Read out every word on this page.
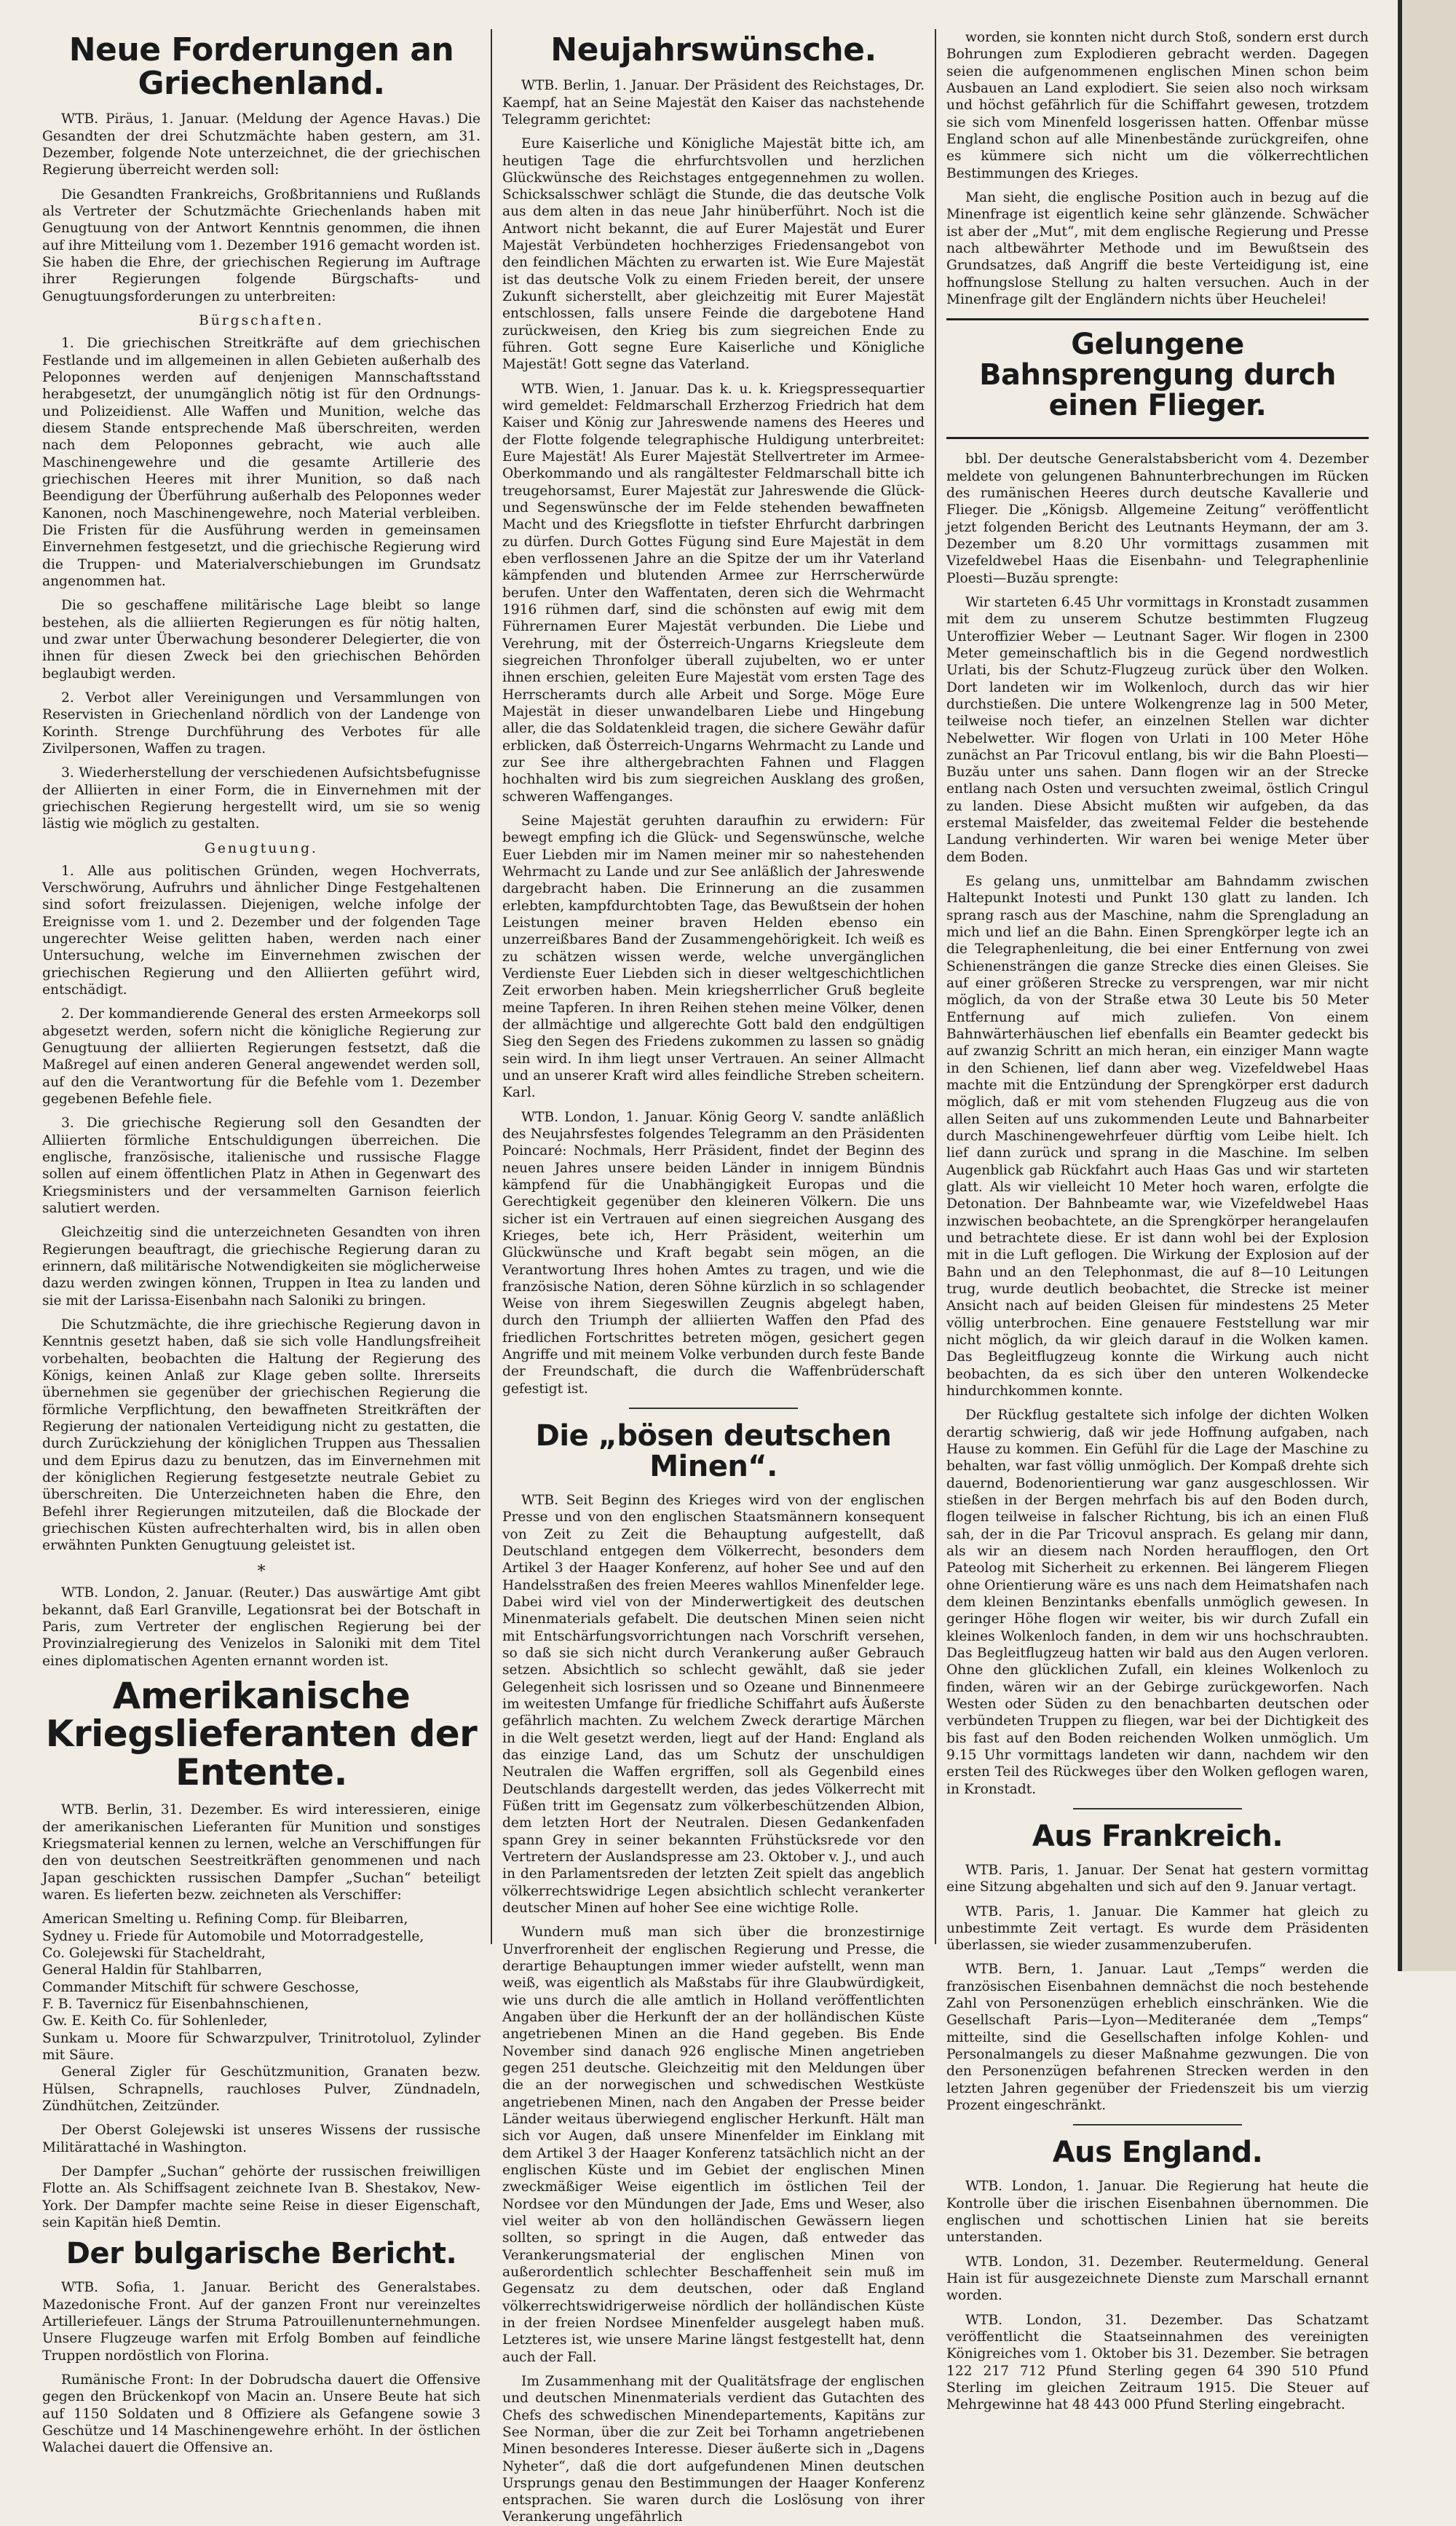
Neue Forderungen an Griechenland.

WTB. Piräus, 1. Januar. (Meldung der Agence Havas.) Die Gesandten der drei Schutzmächte haben gestern, am 31. Dezember, folgende Note unterzeichnet, die der griechischen Regierung überreicht werden soll:

Die Gesandten Frankreichs, Großbritanniens und Rußlands als Vertreter der Schutzmächte Griechenlands haben mit Genugtuung von der Antwort Kenntnis genommen, die ihnen auf ihre Mitteilung vom 1. Dezember 1916 gemacht worden ist. Sie haben die Ehre, der griechischen Regierung im Auftrage ihrer Regierungen folgende Bürgschafts- und Genugtuungsforderungen zu unterbreiten:

Bürgschaften.

1. Die griechischen Streitkräfte auf dem griechischen Festlande und im allgemeinen in allen Gebieten außerhalb des Peloponnes werden auf denjenigen Mannschaftsstand herabgesetzt, der unumgänglich nötig ist für den Ordnungs- und Polizeidienst. Alle Waffen und Munition, welche das diesem Stande entsprechende Maß überschreiten, werden nach dem Peloponnes gebracht, wie auch alle Maschinengewehre und die gesamte Artillerie des griechischen Heeres mit ihrer Munition, so daß nach Beendigung der Überführung außerhalb des Peloponnes weder Kanonen, noch Maschinengewehre, noch Material verbleiben. Die Fristen für die Ausführung werden in gemeinsamen Einvernehmen festgesetzt, und die griechische Regierung wird die Truppen- und Materialverschiebungen im Grundsatz angenommen hat.

Die so geschaffene militärische Lage bleibt so lange bestehen, als die alliierten Regierungen es für nötig halten, und zwar unter Überwachung besonderer Delegierter, die von ihnen für diesen Zweck bei den griechischen Behörden beglaubigt werden.

2. Verbot aller Vereinigungen und Versammlungen von Reservisten in Griechenland nördlich von der Landenge von Korinth. Strenge Durchführung des Verbotes für alle Zivilpersonen, Waffen zu tragen.

3. Wiederherstellung der verschiedenen Aufsichtsbefugnisse der Alliierten in einer Form, die in Einvernehmen mit der griechischen Regierung hergestellt wird, um sie so wenig lästig wie möglich zu gestalten.

Genugtuung.

1. Alle aus politischen Gründen, wegen Hochverrats, Verschwörung, Aufruhrs und ähnlicher Dinge Festgehaltenen sind sofort freizulassen. Diejenigen, welche infolge der Ereignisse vom 1. und 2. Dezember und der folgenden Tage ungerechter Weise gelitten haben, werden nach einer Untersuchung, welche im Einvernehmen zwischen der griechischen Regierung und den Alliierten geführt wird, entschädigt.

2. Der kommandierende General des ersten Armeekorps soll abgesetzt werden, sofern nicht die königliche Regierung zur Genugtuung der alliierten Regierungen festsetzt, daß die Maßregel auf einen anderen General angewendet werden soll, auf den die Verantwortung für die Befehle vom 1. Dezember gegebenen Befehle fiele.

3. Die griechische Regierung soll den Gesandten der Alliierten förmliche Entschuldigungen überreichen. Die englische, französische, italienische und russische Flagge sollen auf einem öffentlichen Platz in Athen in Gegenwart des Kriegsministers und der versammelten Garnison feierlich salutiert werden.

Gleichzeitig sind die unterzeichneten Gesandten von ihren Regierungen beauftragt, die griechische Regierung daran zu erinnern, daß militärische Notwendigkeiten sie möglicherweise dazu werden zwingen können, Truppen in Itea zu landen und sie mit der Larissa-Eisenbahn nach Saloniki zu bringen.

Die Schutzmächte, die ihre griechische Regierung davon in Kenntnis gesetzt haben, daß sie sich volle Handlungsfreiheit vorbehalten, beobachten die Haltung der Regierung des Königs, keinen Anlaß zur Klage geben sollte. Ihrerseits übernehmen sie gegenüber der griechischen Regierung die förmliche Verpflichtung, den bewaffneten Streitkräften der Regierung der nationalen Verteidigung nicht zu gestatten, die durch Zurückziehung der königlichen Truppen aus Thessalien und dem Epirus dazu zu benutzen, das im Einvernehmen mit der königlichen Regierung festgesetzte neutrale Gebiet zu überschreiten. Die Unterzeichneten haben die Ehre, den Befehl ihrer Regierungen mitzuteilen, daß die Blockade der griechischen Küsten aufrechterhalten wird, bis in allen oben erwähnten Punkten Genugtuung geleistet ist.

*

WTB. London, 2. Januar. (Reuter.) Das auswärtige Amt gibt bekannt, daß Earl Granville, Legationsrat bei der Botschaft in Paris, zum Vertreter der englischen Regierung bei der Provinzialregierung des Venizelos in Saloniki mit dem Titel eines diplomatischen Agenten ernannt worden ist.

Amerikanische Kriegslieferanten der Entente.

WTB. Berlin, 31. Dezember. Es wird interessieren, einige der amerikanischen Lieferanten für Munition und sonstiges Kriegsmaterial kennen zu lernen, welche an Verschiffungen für den von deutschen Seestreitkräften genommenen und nach Japan geschickten russischen Dampfer „Suchan“ beteiligt waren. Es lieferten bezw. zeichneten als Verschiffer:

American Smelting u. Refining Comp. für Bleibarren,

Sydney u. Friede für Automobile und Motorradgestelle,

Co. Golejewski für Stacheldraht,

General Haldin für Stahlbarren,

Commander Mitschift für schwere Geschosse,

F. B. Tavernicz für Eisenbahnschienen,

Gw. E. Keith Co. für Sohlenleder,

Sunkam u. Moore für Schwarzpulver, Trinitrotoluol, Zylinder mit Säure.

General Zigler für Geschützmunition, Granaten bezw. Hülsen, Schrapnells, rauchloses Pulver, Zündnadeln, Zündhütchen, Zeitzünder.

Der Oberst Golejewski ist unseres Wissens der russische Militärattaché in Washington.

Der Dampfer „Suchan“ gehörte der russischen freiwilligen Flotte an. Als Schiffsagent zeichnete Ivan B. Shestakov, New-York. Der Dampfer machte seine Reise in dieser Eigenschaft, sein Kapitän hieß Demtin.

Der bulgarische Bericht.

WTB. Sofia, 1. Januar. Bericht des Generalstabes. Mazedonische Front. Auf der ganzen Front nur vereinzeltes Artilleriefeuer. Längs der Struma Patrouillenunternehmungen. Unsere Flugzeuge warfen mit Erfolg Bomben auf feindliche Truppen nordöstlich von Florina.

Rumänische Front: In der Dobrudscha dauert die Offensive gegen den Brückenkopf von Macin an. Unsere Beute hat sich auf 1150 Soldaten und 8 Offiziere als Gefangene sowie 3 Geschütze und 14 Maschinengewehre erhöht. In der östlichen Walachei dauert die Offensive an.

Neujahrswünsche.

WTB. Berlin, 1. Januar. Der Präsident des Reichstages, Dr. Kaempf, hat an Seine Majestät den Kaiser das nachstehende Telegramm gerichtet:

Eure Kaiserliche und Königliche Majestät bitte ich, am heutigen Tage die ehrfurchtsvollen und herzlichen Glückwünsche des Reichstages entgegennehmen zu wollen. Schicksalsschwer schlägt die Stunde, die das deutsche Volk aus dem alten in das neue Jahr hinüberführt. Noch ist die Antwort nicht bekannt, die auf Eurer Majestät und Eurer Majestät Verbündeten hochherziges Friedensangebot von den feindlichen Mächten zu erwarten ist. Wie Eure Majestät ist das deutsche Volk zu einem Frieden bereit, der unsere Zukunft sicherstellt, aber gleichzeitig mit Eurer Majestät entschlossen, falls unsere Feinde die dargebotene Hand zurückweisen, den Krieg bis zum siegreichen Ende zu führen. Gott segne Eure Kaiserliche und Königliche Majestät! Gott segne das Vaterland.

WTB. Wien, 1. Januar. Das k. u. k. Kriegspressequartier wird gemeldet: Feldmarschall Erzherzog Friedrich hat dem Kaiser und König zur Jahreswende namens des Heeres und der Flotte folgende telegraphische Huldigung unterbreitet: Eure Majestät! Als Eurer Majestät Stellvertreter im Armee-Oberkommando und als rangältester Feldmarschall bitte ich treugehorsamst, Eurer Majestät zur Jahreswende die Glück- und Segenswünsche der im Felde stehenden bewaffneten Macht und des Kriegsflotte in tiefster Ehrfurcht darbringen zu dürfen. Durch Gottes Fügung sind Eure Majestät in dem eben verflossenen Jahre an die Spitze der um ihr Vaterland kämpfenden und blutenden Armee zur Herrscherwürde berufen. Unter den Waffentaten, deren sich die Wehrmacht 1916 rühmen darf, sind die schönsten auf ewig mit dem Führernamen Eurer Majestät verbunden. Die Liebe und Verehrung, mit der Österreich-Ungarns Kriegsleute dem siegreichen Thronfolger überall zujubelten, wo er unter ihnen erschien, geleiten Eure Majestät vom ersten Tage des Herrscheramts durch alle Arbeit und Sorge. Möge Eure Majestät in dieser unwandelbaren Liebe und Hingebung aller, die das Soldatenkleid tragen, die sichere Gewähr dafür erblicken, daß Österreich-Ungarns Wehrmacht zu Lande und zur See ihre althergebrachten Fahnen und Flaggen hochhalten wird bis zum siegreichen Ausklang des großen, schweren Waffenganges.

Seine Majestät geruhten daraufhin zu erwidern: Für bewegt empfing ich die Glück- und Segenswünsche, welche Euer Liebden mir im Namen meiner mir so nahestehenden Wehrmacht zu Lande und zur See anläßlich der Jahreswende dargebracht haben. Die Erinnerung an die zusammen erlebten, kampfdurchtobten Tage, das Bewußtsein der hohen Leistungen meiner braven Helden ebenso ein unzerreißbares Band der Zusammengehörigkeit. Ich weiß es zu schätzen wissen werde, welche unvergänglichen Verdienste Euer Liebden sich in dieser weltgeschichtlichen Zeit erworben haben. Mein kriegsherrlicher Gruß begleite meine Tapferen. In ihren Reihen stehen meine Völker, denen der allmächtige und allgerechte Gott bald den endgültigen Sieg den Segen des Friedens zukommen zu lassen so gnädig sein wird. In ihm liegt unser Vertrauen. An seiner Allmacht und an unserer Kraft wird alles feindliche Streben scheitern. Karl.

WTB. London, 1. Januar. König Georg V. sandte anläßlich des Neujahrsfestes folgendes Telegramm an den Präsidenten Poincaré: Nochmals, Herr Präsident, findet der Beginn des neuen Jahres unsere beiden Länder in innigem Bündnis kämpfend für die Unabhängigkeit Europas und die Gerechtigkeit gegenüber den kleineren Völkern. Die uns sicher ist ein Vertrauen auf einen siegreichen Ausgang des Krieges, bete ich, Herr Präsident, weiterhin um Glückwünsche und Kraft begabt sein mögen, an die Verantwortung Ihres hohen Amtes zu tragen, und wie die französische Nation, deren Söhne kürzlich in so schlagender Weise von ihrem Siegeswillen Zeugnis abgelegt haben, durch den Triumph der alliierten Waffen den Pfad des friedlichen Fortschrittes betreten mögen, gesichert gegen Angriffe und mit meinem Volke verbunden durch feste Bande der Freundschaft, die durch die Waffenbrüderschaft gefestigt ist.

Die „bösen deutschen Minen“.

WTB. Seit Beginn des Krieges wird von der englischen Presse und von den englischen Staatsmännern konsequent von Zeit zu Zeit die Behauptung aufgestellt, daß Deutschland entgegen dem Völkerrecht, besonders dem Artikel 3 der Haager Konferenz, auf hoher See und auf den Handelsstraßen des freien Meeres wahllos Minenfelder lege. Dabei wird viel von der Minderwertigkeit des deutschen Minenmaterials gefabelt. Die deutschen Minen seien nicht mit Entschärfungsvorrichtungen nach Vorschrift versehen, so daß sie sich nicht durch Verankerung außer Gebrauch setzen. Absichtlich so schlecht gewählt, daß sie jeder Gelegenheit sich losrissen und so Ozeane und Binnenmeere im weitesten Umfange für friedliche Schiffahrt aufs Äußerste gefährlich machten. Zu welchem Zweck derartige Märchen in die Welt gesetzt werden, liegt auf der Hand: England als das einzige Land, das um Schutz der unschuldigen Neutralen die Waffen ergriffen, soll als Gegenbild eines Deutschlands dargestellt werden, das jedes Völkerrecht mit Füßen tritt im Gegensatz zum völkerbeschützenden Albion, dem letzten Hort der Neutralen. Diesen Gedankenfaden spann Grey in seiner bekannten Frühstücksrede vor den Vertretern der Auslandspresse am 23. Oktober v. J., und auch in den Parlamentsreden der letzten Zeit spielt das angeblich völkerrechtswidrige Legen absichtlich schlecht verankerter deutscher Minen auf hoher See eine wichtige Rolle.

Wundern muß man sich über die bronzestirnige Unverfrorenheit der englischen Regierung und Presse, die derartige Behauptungen immer wieder aufstellt, wenn man weiß, was eigentlich als Maßstabs für ihre Glaubwürdigkeit, wie uns durch die alle amtlich in Holland veröffentlichten Angaben über die Herkunft der an der holländischen Küste angetriebenen Minen an die Hand gegeben. Bis Ende November sind danach 926 englische Minen angetrieben gegen 251 deutsche. Gleichzeitig mit den Meldungen über die an der norwegischen und schwedischen Westküste angetriebenen Minen, nach den Angaben der Presse beider Länder weitaus überwiegend englischer Herkunft. Hält man sich vor Augen, daß unsere Minenfelder im Einklang mit dem Artikel 3 der Haager Konferenz tatsächlich nicht an der englischen Küste und im Gebiet der englischen Minen zweckmäßiger Weise eigentlich im östlichen Teil der Nordsee vor den Mündungen der Jade, Ems und Weser, also viel weiter ab von den holländischen Gewässern liegen sollten, so springt in die Augen, daß entweder das Verankerungsmaterial der englischen Minen von außerordentlich schlechter Beschaffenheit sein muß im Gegensatz zu dem deutschen, oder daß England völkerrechtswidrigerweise nördlich der holländischen Küste in der freien Nordsee Minenfelder ausgelegt haben muß. Letzteres ist, wie unsere Marine längst festgestellt hat, denn auch der Fall.

Im Zusammenhang mit der Qualitätsfrage der englischen und deutschen Minenmaterials verdient das Gutachten des Chefs des schwedischen Minendepartements, Kapitäns zur See Norman, über die zur Zeit bei Torhamn angetriebenen Minen besonderes Interesse. Dieser äußerte sich in „Dagens Nyheter“, daß die dort aufgefundenen Minen deutschen Ursprungs genau den Bestimmungen der Haager Konferenz entsprachen. Sie waren durch die Loslösung von ihrer Verankerung ungefährlich

worden, sie konnten nicht durch Stoß, sondern erst durch Bohrungen zum Explodieren gebracht werden. Dagegen seien die aufgenommenen englischen Minen schon beim Ausbauen an Land explodiert. Sie seien also noch wirksam und höchst gefährlich für die Schiffahrt gewesen, trotzdem sie sich vom Minenfeld losgerissen hatten. Offenbar müsse England schon auf alle Minenbestände zurückgreifen, ohne es kümmere sich nicht um die völkerrechtlichen Bestimmungen des Krieges.

Man sieht, die englische Position auch in bezug auf die Minenfrage ist eigentlich keine sehr glänzende. Schwächer ist aber der „Mut“, mit dem englische Regierung und Presse nach altbewährter Methode und im Bewußtsein des Grundsatzes, daß Angriff die beste Verteidigung ist, eine hoffnungslose Stellung zu halten versuchen. Auch in der Minenfrage gilt der Engländern nichts über Heuchelei!

Gelungene Bahnsprengung durch einen Flieger.

bbl. Der deutsche Generalstabsbericht vom 4. Dezember meldete von gelungenen Bahnunterbrechungen im Rücken des rumänischen Heeres durch deutsche Kavallerie und Flieger. Die „Königsb. Allgemeine Zeitung“ veröffentlicht jetzt folgenden Bericht des Leutnants Heymann, der am 3. Dezember um 8.20 Uhr vormittags zusammen mit Vizefeldwebel Haas die Eisenbahn- und Telegraphenlinie Ploesti—Buzău sprengte:

Wir starteten 6.45 Uhr vormittags in Kronstadt zusammen mit dem zu unserem Schutze bestimmten Flugzeug Unteroffizier Weber — Leutnant Sager. Wir flogen in 2300 Meter gemeinschaftlich bis in die Gegend nordwestlich Urlati, bis der Schutz-Flugzeug zurück über den Wolken. Dort landeten wir im Wolkenloch, durch das wir hier durchstießen. Die untere Wolkengrenze lag in 500 Meter, teilweise noch tiefer, an einzelnen Stellen war dichter Nebelwetter. Wir flogen von Urlati in 100 Meter Höhe zunächst an Par Tricovul entlang, bis wir die Bahn Ploesti—Buzău unter uns sahen. Dann flogen wir an der Strecke entlang nach Osten und versuchten zweimal, östlich Cringul zu landen. Diese Absicht mußten wir aufgeben, da das erstemal Maisfelder, das zweitemal Felder die bestehende Landung verhinderten. Wir waren bei wenige Meter über dem Boden.

Es gelang uns, unmittelbar am Bahndamm zwischen Haltepunkt Inotesti und Punkt 130 glatt zu landen. Ich sprang rasch aus der Maschine, nahm die Sprengladung an mich und lief an die Bahn. Einen Sprengkörper legte ich an die Telegraphenleitung, die bei einer Entfernung von zwei Schienensträngen die ganze Strecke dies einen Gleises. Sie auf einer größeren Strecke zu versprengen, war mir nicht möglich, da von der Straße etwa 30 Leute bis 50 Meter Entfernung auf mich zuliefen. Von einem Bahnwärterhäuschen lief ebenfalls ein Beamter gedeckt bis auf zwanzig Schritt an mich heran, ein einziger Mann wagte in den Schienen, lief dann aber weg. Vizefeldwebel Haas machte mit die Entzündung der Sprengkörper erst dadurch möglich, daß er mit vom stehenden Flugzeug aus die von allen Seiten auf uns zukommenden Leute und Bahnarbeiter durch Maschinengewehrfeuer dürftig vom Leibe hielt. Ich lief dann zurück und sprang in die Maschine. Im selben Augenblick gab Rückfahrt auch Haas Gas und wir starteten glatt. Als wir vielleicht 10 Meter hoch waren, erfolgte die Detonation. Der Bahnbeamte war, wie Vizefeldwebel Haas inzwischen beobachtete, an die Sprengkörper herangelaufen und betrachtete diese. Er ist dann wohl bei der Explosion mit in die Luft geflogen. Die Wirkung der Explosion auf der Bahn und an den Telephonmast, die auf 8—10 Leitungen trug, wurde deutlich beobachtet, die Strecke ist meiner Ansicht nach auf beiden Gleisen für mindestens 25 Meter völlig unterbrochen. Eine genauere Feststellung war mir nicht möglich, da wir gleich darauf in die Wolken kamen. Das Begleitflugzeug konnte die Wirkung auch nicht beobachten, da es sich über den unteren Wolkendecke hindurchkommen konnte.

Der Rückflug gestaltete sich infolge der dichten Wolken derartig schwierig, daß wir jede Hoffnung aufgaben, nach Hause zu kommen. Ein Gefühl für die Lage der Maschine zu behalten, war fast völlig unmöglich. Der Kompaß drehte sich dauernd, Bodenorientierung war ganz ausgeschlossen. Wir stießen in der Bergen mehrfach bis auf den Boden durch, flogen teilweise in falscher Richtung, bis ich an einen Fluß sah, der in die Par Tricovul ansprach. Es gelang mir dann, als wir an diesem nach Norden heraufflogen, den Ort Pateolog mit Sicherheit zu erkennen. Bei längerem Fliegen ohne Orientierung wäre es uns nach dem Heimatshafen nach dem kleinen Benzintanks ebenfalls unmöglich gewesen. In geringer Höhe flogen wir weiter, bis wir durch Zufall ein kleines Wolkenloch fanden, in dem wir uns hochschraubten. Das Begleitflugzeug hatten wir bald aus den Augen verloren. Ohne den glücklichen Zufall, ein kleines Wolkenloch zu finden, wären wir an der Gebirge zurückgeworfen. Nach Westen oder Süden zu den benachbarten deutschen oder verbündeten Truppen zu fliegen, war bei der Dichtigkeit des bis fast auf den Boden reichenden Wolken unmöglich. Um 9.15 Uhr vormittags landeten wir dann, nachdem wir den ersten Teil des Rückweges über den Wolken geflogen waren, in Kronstadt.

Aus Frankreich.

WTB. Paris, 1. Januar. Der Senat hat gestern vormittag eine Sitzung abgehalten und sich auf den 9. Januar vertagt.

WTB. Paris, 1. Januar. Die Kammer hat gleich zu unbestimmte Zeit vertagt. Es wurde dem Präsidenten überlassen, sie wieder zusammenzuberufen.

WTB. Bern, 1. Januar. Laut „Temps“ werden die französischen Eisenbahnen demnächst die noch bestehende Zahl von Personenzügen erheblich einschränken. Wie die Gesellschaft Paris—Lyon—Mediteranée dem „Temps“ mitteilte, sind die Gesellschaften infolge Kohlen- und Personalmangels zu dieser Maßnahme gezwungen. Die von den Personenzügen befahrenen Strecken werden in den letzten Jahren gegenüber der Friedenszeit bis um vierzig Prozent eingeschränkt.

Aus England.

WTB. London, 1. Januar. Die Regierung hat heute die Kontrolle über die irischen Eisenbahnen übernommen. Die englischen und schottischen Linien hat sie bereits unterstanden.

WTB. London, 31. Dezember. Reutermeldung. General Hain ist für ausgezeichnete Dienste zum Marschall ernannt worden.

WTB. London, 31. Dezember. Das Schatzamt veröffentlicht die Staatseinnahmen des vereinigten Königreiches vom 1. Oktober bis 31. Dezember. Sie betragen 122 217 712 Pfund Sterling gegen 64 390 510 Pfund Sterling im gleichen Zeitraum 1915. Die Steuer auf Mehrgewinne hat 48 443 000 Pfund Sterling eingebracht.
